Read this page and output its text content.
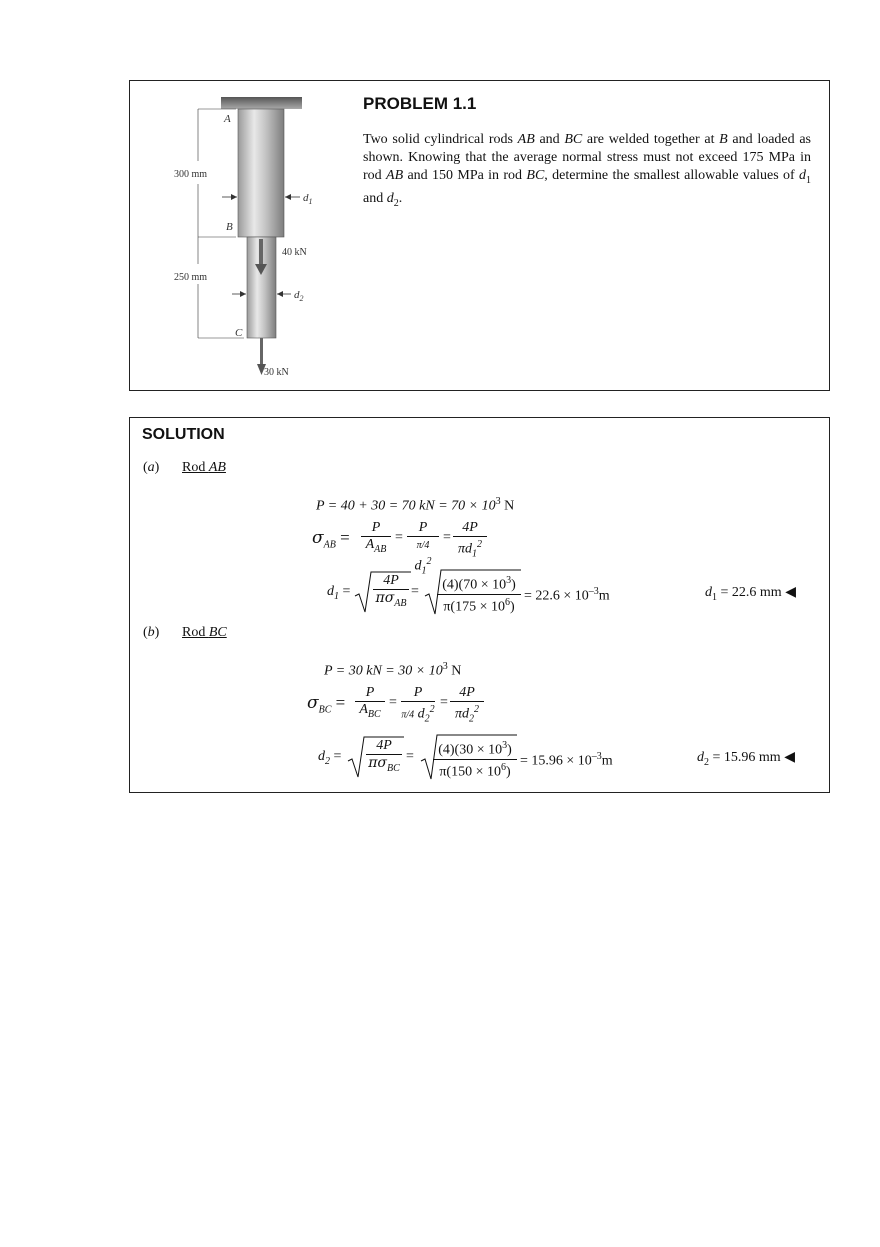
300 mm
250 mm
A
B
C
$d_1$
$d_2$
40 kN
30 kN
PROBLEM 1.1
Two solid cylindrical rods AB and BC are welded together at B and loaded as shown. Knowing that the average normal stress must not exceed 175 MPa in rod AB and 150 MPa in rod BC, determine the smallest allowable values of $d_1$ and $d_2$.
SOLUTION
(a) Rod AB
P = 40 + 30 = 70 kN = $70 \times 10^3$ N
$\sigma_{AB}$ =
P
$A_{AB}$
= $\frac{P}{\pi/4 d_1^2} = \frac{4P}{\pi d_1^2}$
$d_1$ =
4P
$\pi\sigma_{AB}$
= $\frac{(4)(70 \times 10^3)}{\pi(175 \times 10^6)} = 22.6 \times 10^{-3}m$	$d_1 = 22.6$ mm ◀
(b) Rod BC
P = 30 kN = $30 \times 10^3$ N
$\sigma_{BC}$ =
P
$A_{BC}$
= $\frac{P}{\pi/4 d_2^2} = \frac{4P}{\pi d_2^2}$
$d_2$ =
4P
$\pi\sigma_{BC}$
= $\frac{(4)(30 \times 10^3)}{\pi(150 \times 10^6)} = 15.96 \times 10^{-3}m$	$d_2 = 15.96$ mm ◀
